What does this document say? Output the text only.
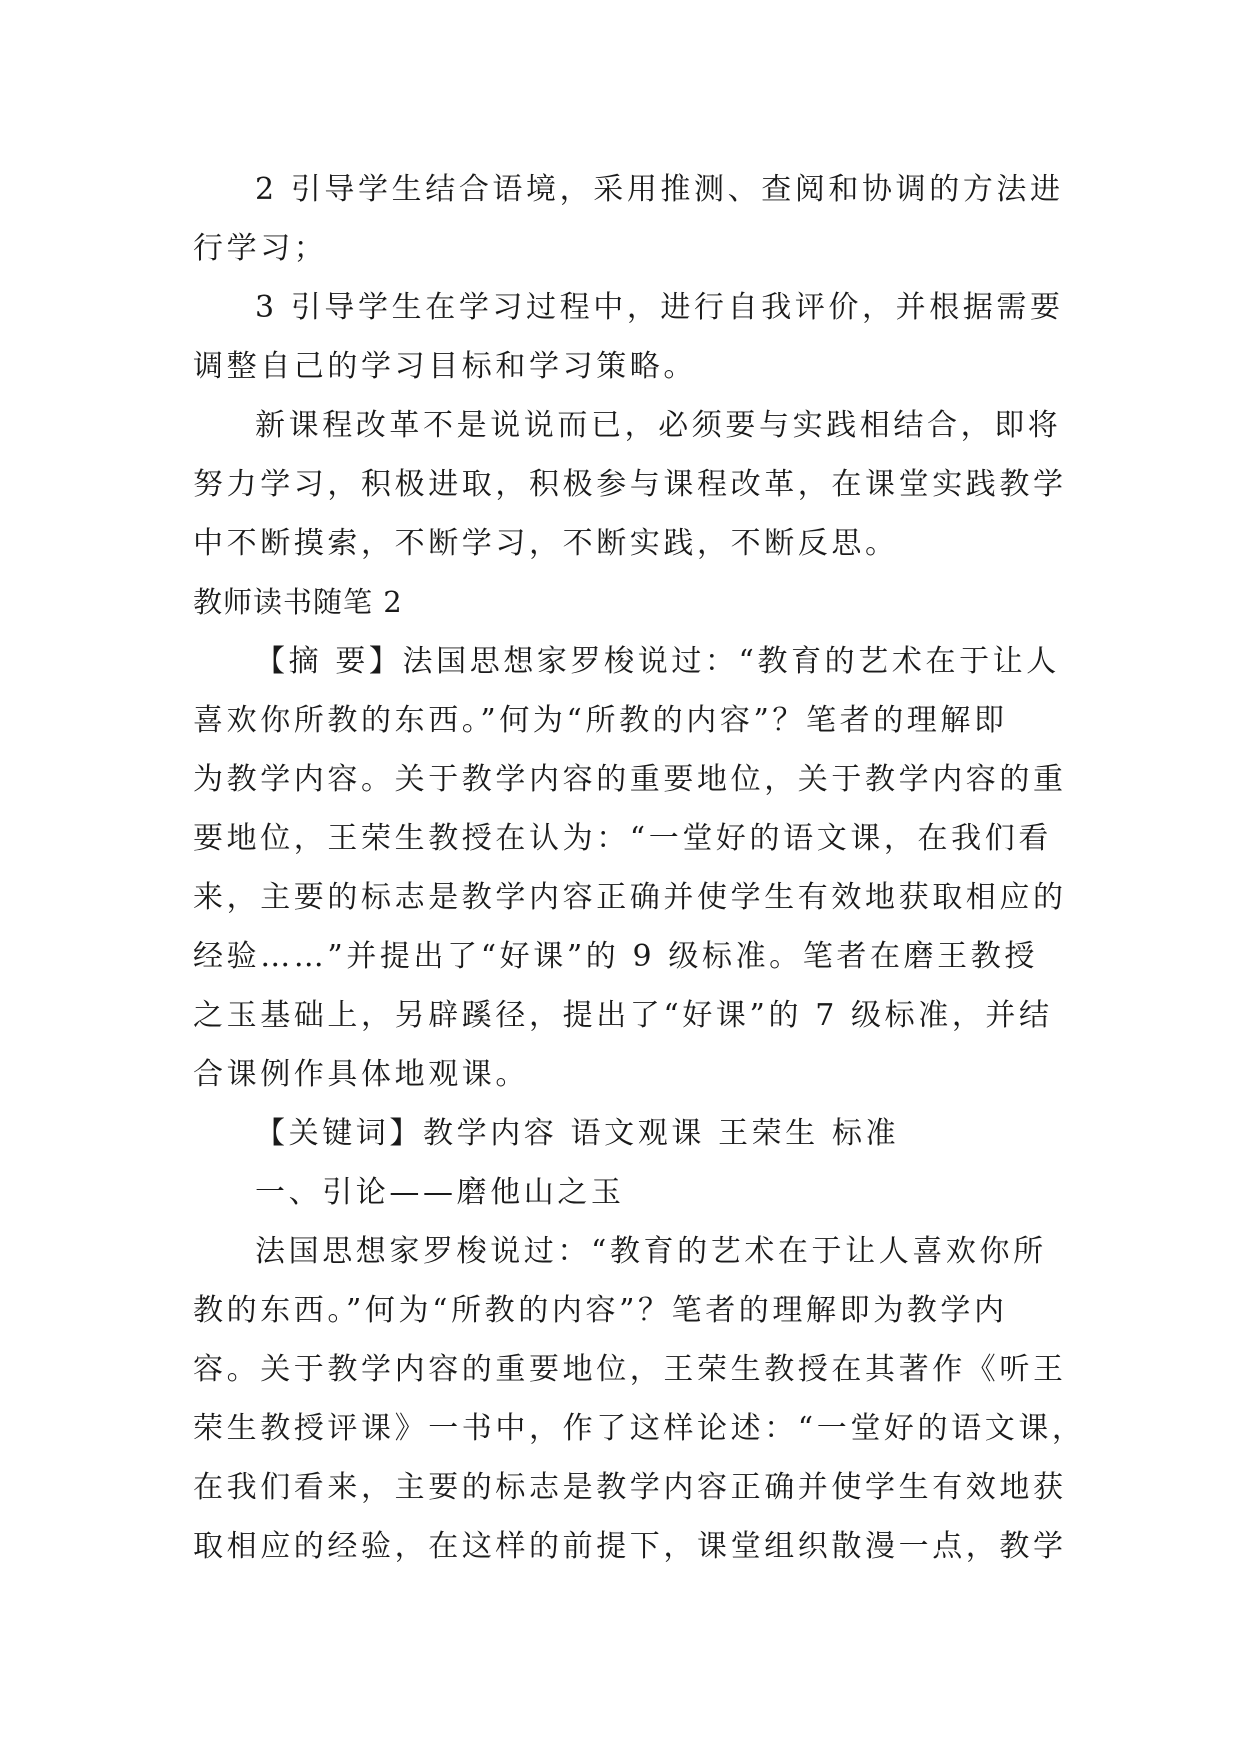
2 引导学生结合语境，采用推测、查阅和协调的方法进
行学习；
3 引导学生在学习过程中，进行自我评价，并根据需要
调整自己的学习目标和学习策略。
新课程改革不是说说而已，必须要与实践相结合，即将
努力学习，积极进取，积极参与课程改革，在课堂实践教学
中不断摸索，不断学习，不断实践，不断反思。
教师读书随笔 2
【摘 要】法国思想家罗梭说过：“教育的艺术在于让人
喜欢你所教的东西。”何为“所教的内容”？笔者的理解即
为教学内容。关于教学内容的重要地位，关于教学内容的重
要地位，王荣生教授在认为：“一堂好的语文课，在我们看
来，主要的标志是教学内容正确并使学生有效地获取相应的
经验……”并提出了“好课”的 9 级标准。笔者在磨王教授
之玉基础上，另辟蹊径，提出了“好课”的 7 级标准，并结
合课例作具体地观课。
【关键词】教学内容 语文观课 王荣生 标准
一、引论——磨他山之玉
法国思想家罗梭说过：“教育的艺术在于让人喜欢你所
教的东西。”何为“所教的内容”？笔者的理解即为教学内
容。关于教学内容的重要地位，王荣生教授在其著作《听王
荣生教授评课》一书中，作了这样论述：“一堂好的语文课，
在我们看来，主要的标志是教学内容正确并使学生有效地获
取相应的经验，在这样的前提下，课堂组织散漫一点，教学
